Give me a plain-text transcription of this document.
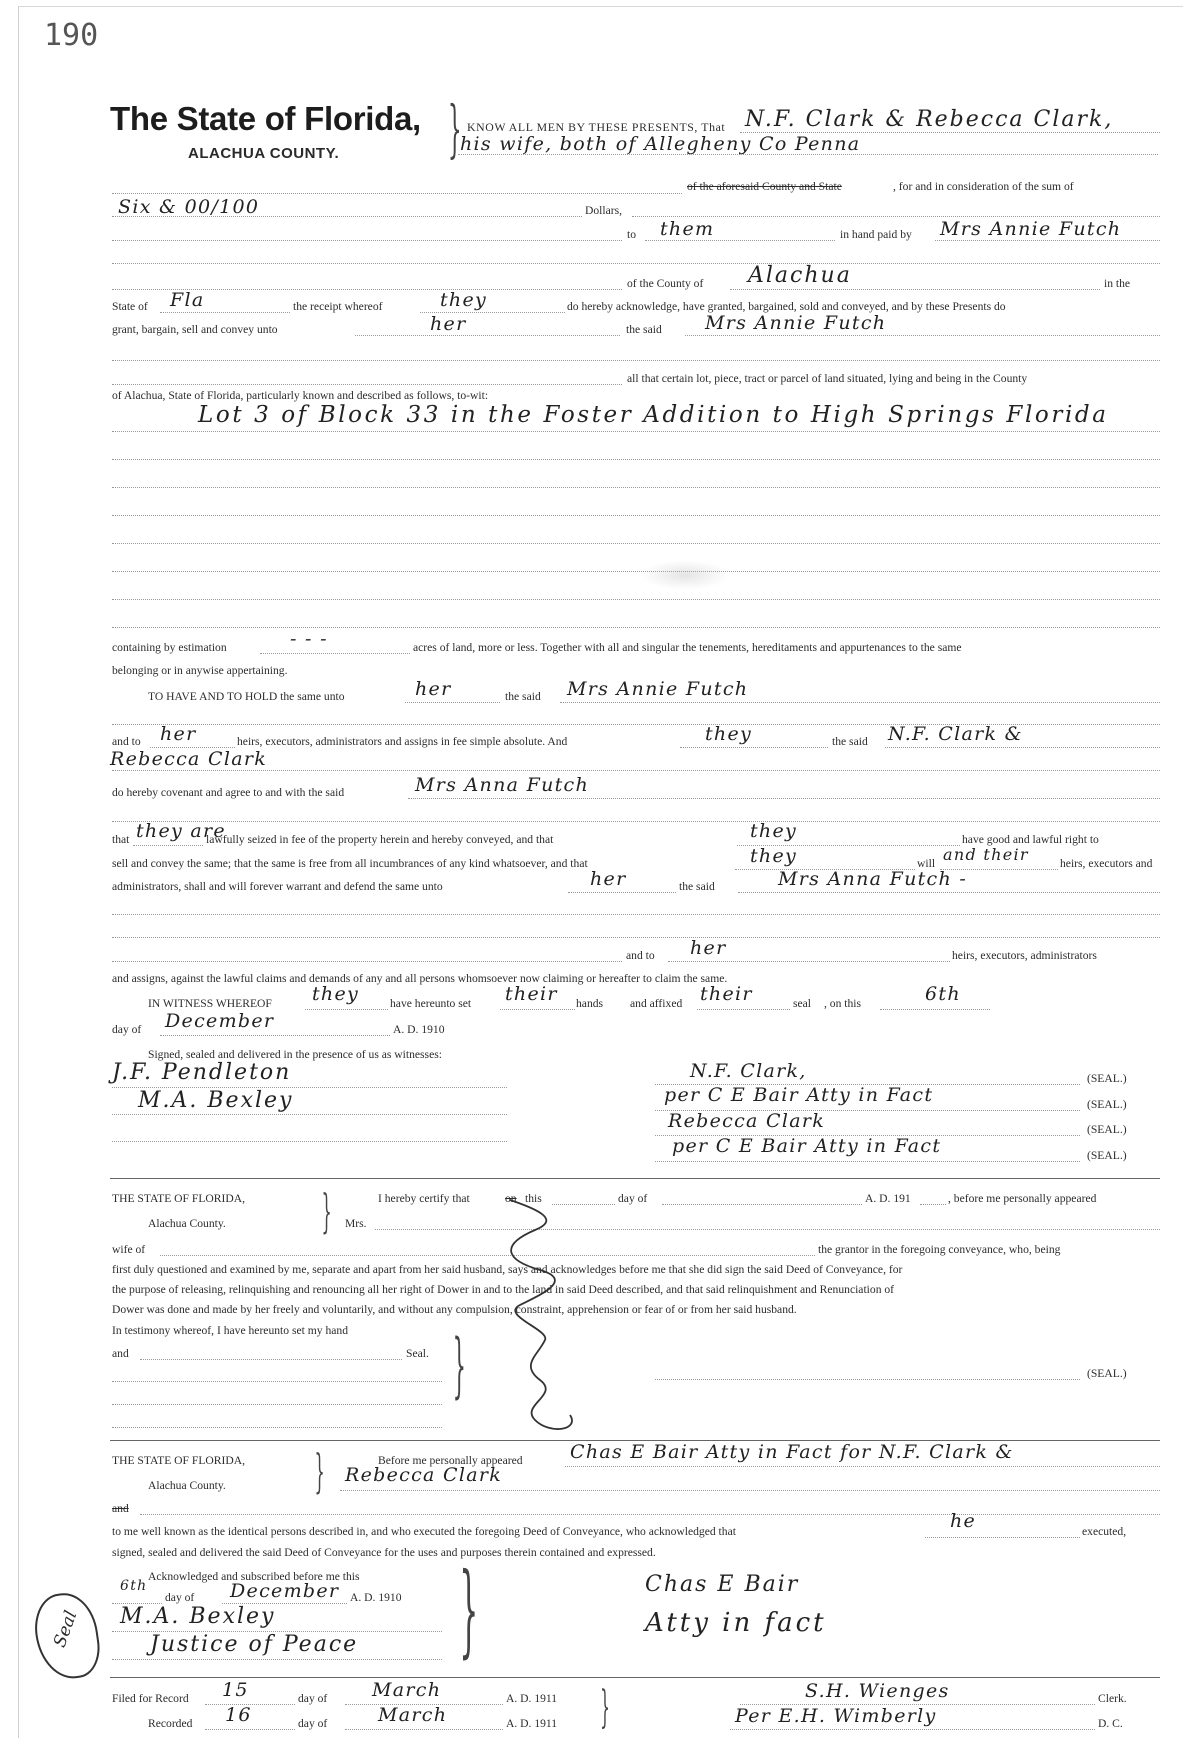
190
The State of Florida,
ALACHUA COUNTY. } KNOW ALL MEN BY THESE PRESENTS, That N.F. Clark & Rebecca Clark,
his wife, both of Allegheny Co Penna
of the aforesaid County and State	, for and in consideration of the sum of
Six & 00/100	Dollars,
to them	in hand paid by Mrs Annie Futch
of the County of Alachua	in the
State of Fla	the receipt whereof	they	do hereby acknowledge, have granted, bargained, sold and conveyed, and by these Presents do
grant, bargain, sell and convey unto	her	the said Mrs Annie Futch
all that certain lot, piece, tract or parcel of land situated, lying and being in the County
of Alachua, State of Florida, particularly known and described as follows, to-wit:
Lot 3 of Block 33 in the Foster Addition to High Springs Florida
containing by estimation	- - -	acres of land, more or less. Together with all and singular the tenements, hereditaments and appurtenances to the same
belonging or in anywise appertaining.
TO HAVE AND TO HOLD the same unto	her	the said Mrs Annie Futch
and to her	heirs, executors, administrators and assigns in fee simple absolute. And	they	the said N.F. Clark &
Rebecca Clark
do hereby covenant and agree to and with the said	Mrs Anna Futch
that they are
lawfully seized in fee of the property herein and hereby conveyed, and that	they	have good and lawful right to
sell and convey the same; that the same is free from all incumbrances of any kind whatsoever, and that	they	will and their	heirs, executors and
administrators, shall and will forever warrant and defend the same unto	her	the said	Mrs Anna Futch -
and to her	heirs, executors, administrators
and assigns, against the lawful claims and demands of any and all persons whomsoever now claiming or hereafter to claim the same.
IN WITNESS WHEREOF they	have hereunto set their hands and affixed their	seal , on this	6th
day of December	A. D. 1910
Signed, sealed and delivered in the presence of us as witnesses:
J.F. Pendleton
M.A. Bexley
N.F. Clark,	(SEAL.)
per C E Bair Atty in Fact	(SEAL.)
Rebecca Clark	(SEAL.)
per C E Bair Atty in Fact	(SEAL.)
THE STATE OF FLORIDA,
Alachua County. }	I hereby certify that	on this	day of	A. D. 191	, before me personally appeared
Mrs.
wife of	the grantor in the foregoing conveyance, who, being
first duly questioned and examined by me, separate and apart from her said husband, says and acknowledges before me that she did sign the said Deed of Conveyance, for
the purpose of releasing, relinquishing and renouncing all her right of Dower in and to the land in said Deed described, and that said relinquishment and Renunciation of
Dower was done and made by her freely and voluntarily, and without any compulsion, constraint, apprehension or fear of or from her said husband.
In testimony whereof, I have hereunto set my hand
and	Seal. }	(SEAL.)
THE STATE OF FLORIDA,
Alachua County. }	Before me personally appeared Chas E Bair Atty in Fact for N.F. Clark &
Rebecca Clark
and
to me well known as the identical persons described in, and who executed the foregoing Deed of Conveyance, who acknowledged that	he	executed,
signed, sealed and delivered the said Deed of Conveyance for the uses and purposes therein contained and expressed.
Acknowledged and subscribed before me this
6th
day of December A. D. 1910
M.A. Bexley
Justice of Peace }	Chas E Bair
Atty in fact
Seal
Filed for Record 15	day of March	A. D. 1911
Recorded 16	day of	March	A. D. 1911 }	S.H. Wienges	Clerk.
Per E.H. Wimberly	D. C.
